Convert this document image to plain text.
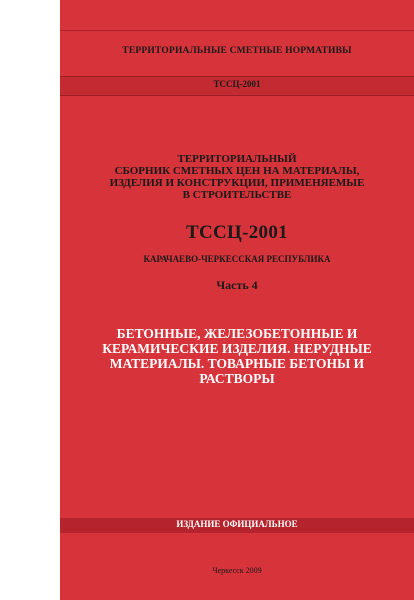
ТЕРРИТОРИАЛЬНЫЕ СМЕТНЫЕ НОРМАТИВЫ
ТССЦ-2001
ТЕРРИТОРИАЛЬНЫЙ
СБОРНИК СМЕТНЫХ ЦЕН НА МАТЕРИАЛЫ,
ИЗДЕЛИЯ И КОНСТРУКЦИИ, ПРИМЕНЯЕМЫЕ
В СТРОИТЕЛЬСТВЕ
ТССЦ-2001
КАРАЧАЕВО-ЧЕРКЕССКАЯ РЕСПУБЛИКА
Часть 4
БЕТОННЫЕ, ЖЕЛЕЗОБЕТОННЫЕ И
КЕРАМИЧЕСКИЕ ИЗДЕЛИЯ. НЕРУДНЫЕ
МАТЕРИАЛЫ. ТОВАРНЫЕ БЕТОНЫ И
РАСТВОРЫ
ИЗДАНИЕ ОФИЦИАЛЬНОЕ
Черкесск 2009
